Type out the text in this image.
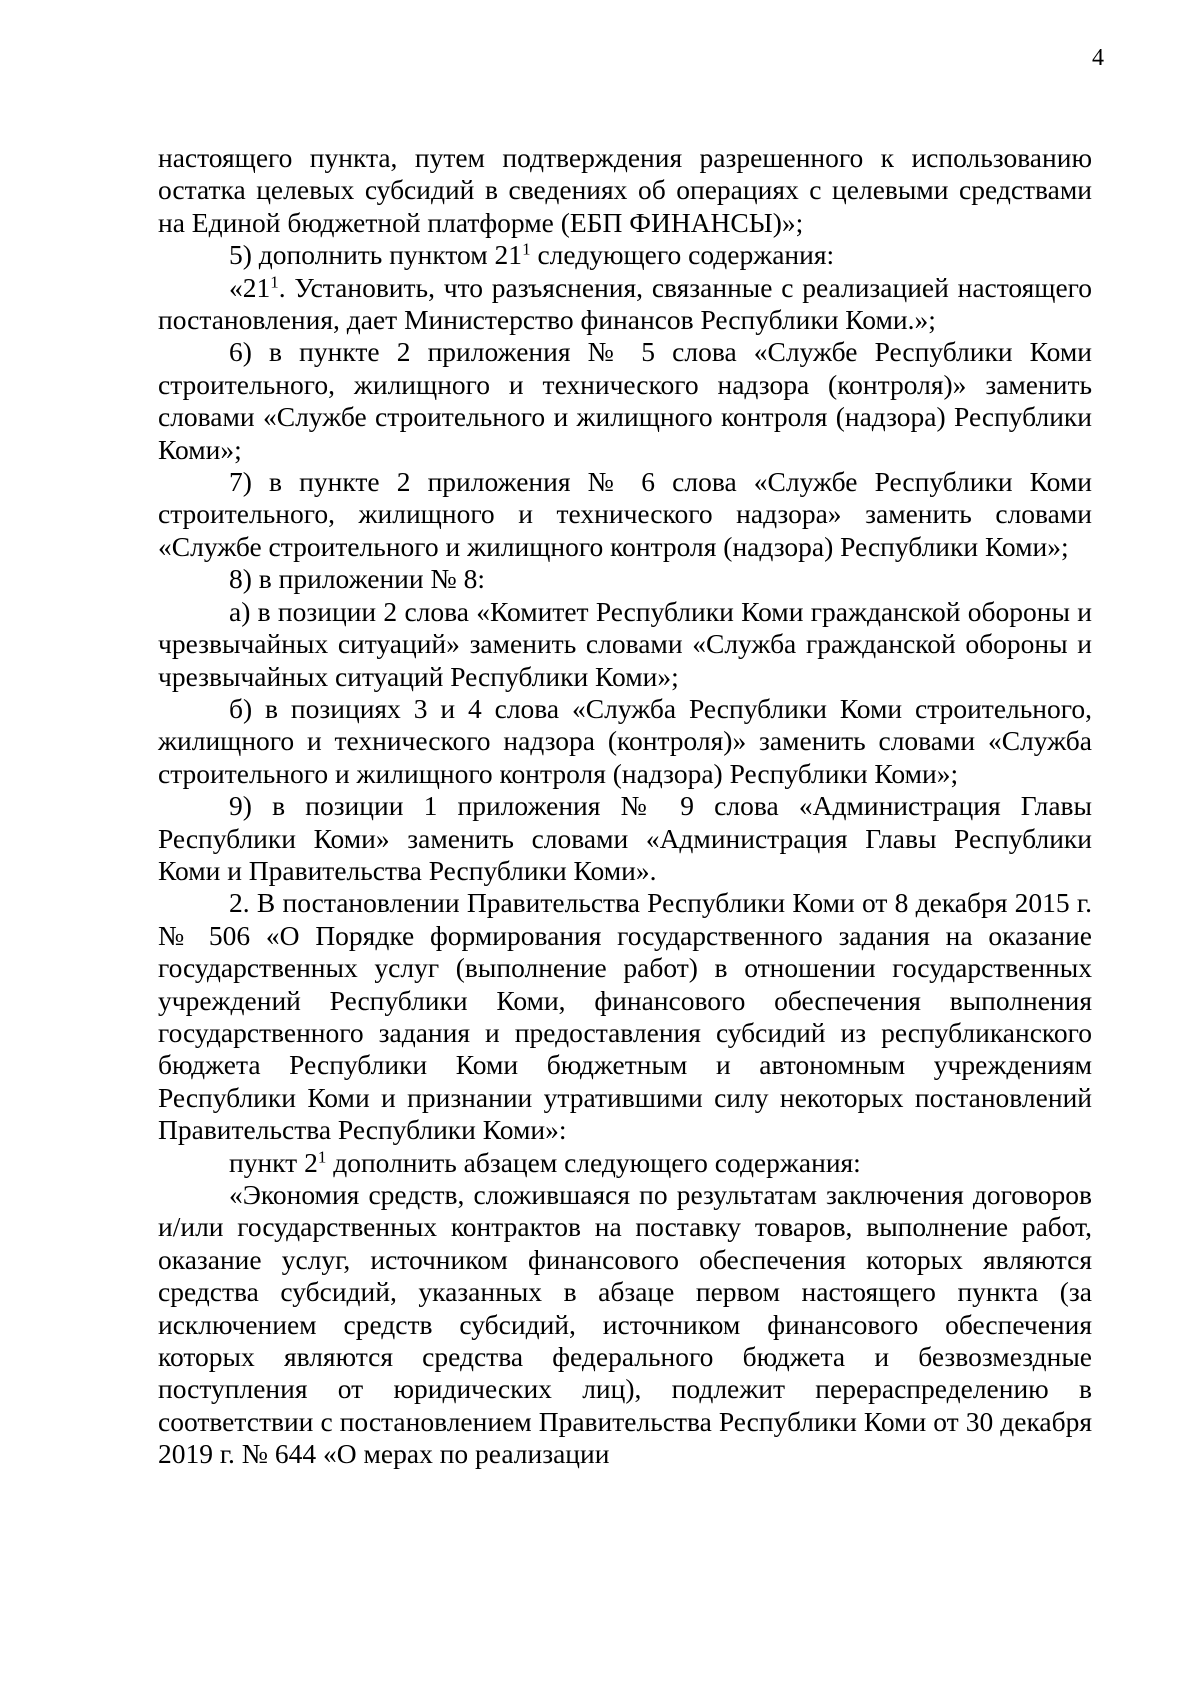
4

настоящего пункта, путем подтверждения разрешенного к использованию остатка целевых субсидий в сведениях об операциях с целевыми средствами на Единой бюджетной платформе (ЕБП ФИНАНСЫ)»;

5) дополнить пунктом $21^1$ следующего содержания:

«$21^1$. Установить, что разъяснения, связанные с реализацией настоящего постановления, дает Министерство финансов Республики Коми.»;

6) в пункте 2 приложения № 5 слова «Службе Республики Коми строительного, жилищного и технического надзора (контроля)» заменить словами «Службе строительного и жилищного контроля (надзора) Республики Коми»;

7) в пункте 2 приложения № 6 слова «Службе Республики Коми строительного, жилищного и технического надзора» заменить словами «Службе строительного и жилищного контроля (надзора) Республики Коми»;

8) в приложении № 8:

а) в позиции 2 слова «Комитет Республики Коми гражданской обороны и чрезвычайных ситуаций» заменить словами «Служба гражданской обороны и чрезвычайных ситуаций Республики Коми»;

б) в позициях 3 и 4 слова «Служба Республики Коми строительного, жилищного и технического надзора (контроля)» заменить словами «Служба строительного и жилищного контроля (надзора) Республики Коми»;

9) в позиции 1 приложения № 9 слова «Администрация Главы Республики Коми» заменить словами «Администрация Главы Республики Коми и Правительства Республики Коми».

2. В постановлении Правительства Республики Коми от 8 декабря 2015 г. № 506 «О Порядке формирования государственного задания на оказание государственных услуг (выполнение работ) в отношении государственных учреждений Республики Коми, финансового обеспечения выполнения государственного задания и предоставления субсидий из республиканского бюджета Республики Коми бюджетным и автономным учреждениям Республики Коми и признании утратившими силу некоторых постановлений Правительства Республики Коми»:

пункт $2^1$ дополнить абзацем следующего содержания:

«Экономия средств, сложившаяся по результатам заключения договоров и/или государственных контрактов на поставку товаров, выполнение работ, оказание услуг, источником финансового обеспечения которых являются средства субсидий, указанных в абзаце первом настоящего пункта (за исключением средств субсидий, источником финансового обеспечения которых являются средства федерального бюджета и безвозмездные поступления от юридических лиц), подлежит перераспределению в соответствии с постановлением Правительства Республики Коми от 30 декабря 2019 г. № 644 «О мерах по реализации
